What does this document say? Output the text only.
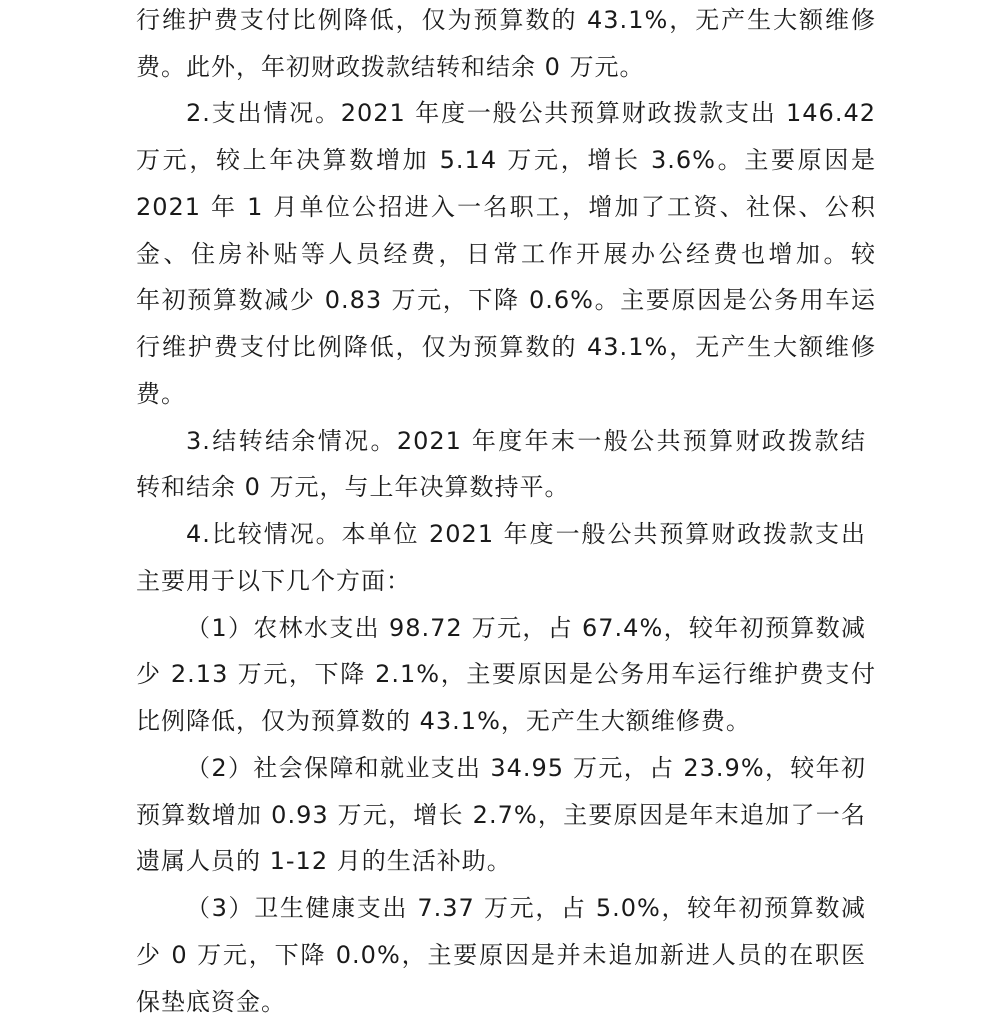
行维护费支付比例降低，仅为预算数的 43.1%，无产生大额维修
费。此外，年初财政拨款结转和结余 0 万元。
2.支出情况。2021 年度一般公共预算财政拨款支出 146.42
万元，较上年决算数增加 5.14 万元，增长 3.6%。主要原因是
2021 年 1 月单位公招进入一名职工，增加了工资、社保、公积
金、住房补贴等人员经费，日常工作开展办公经费也增加。较
年初预算数减少 0.83 万元，下降 0.6%。主要原因是公务用车运
行维护费支付比例降低，仅为预算数的 43.1%，无产生大额维修
费。
3.结转结余情况。2021 年度年末一般公共预算财政拨款结
转和结余 0 万元，与上年决算数持平。
4.比较情况。本单位 2021 年度一般公共预算财政拨款支出
主要用于以下几个方面：
（1）农林水支出 98.72 万元，占 67.4%，较年初预算数减
少 2.13 万元，下降 2.1%，主要原因是公务用车运行维护费支付
比例降低，仅为预算数的 43.1%，无产生大额维修费。
（2）社会保障和就业支出 34.95 万元，占 23.9%，较年初
预算数增加 0.93 万元，增长 2.7%，主要原因是年末追加了一名
遗属人员的 1-12 月的生活补助。
（3）卫生健康支出 7.37 万元，占 5.0%，较年初预算数减
少 0 万元，下降 0.0%，主要原因是并未追加新进人员的在职医
保垫底资金。
